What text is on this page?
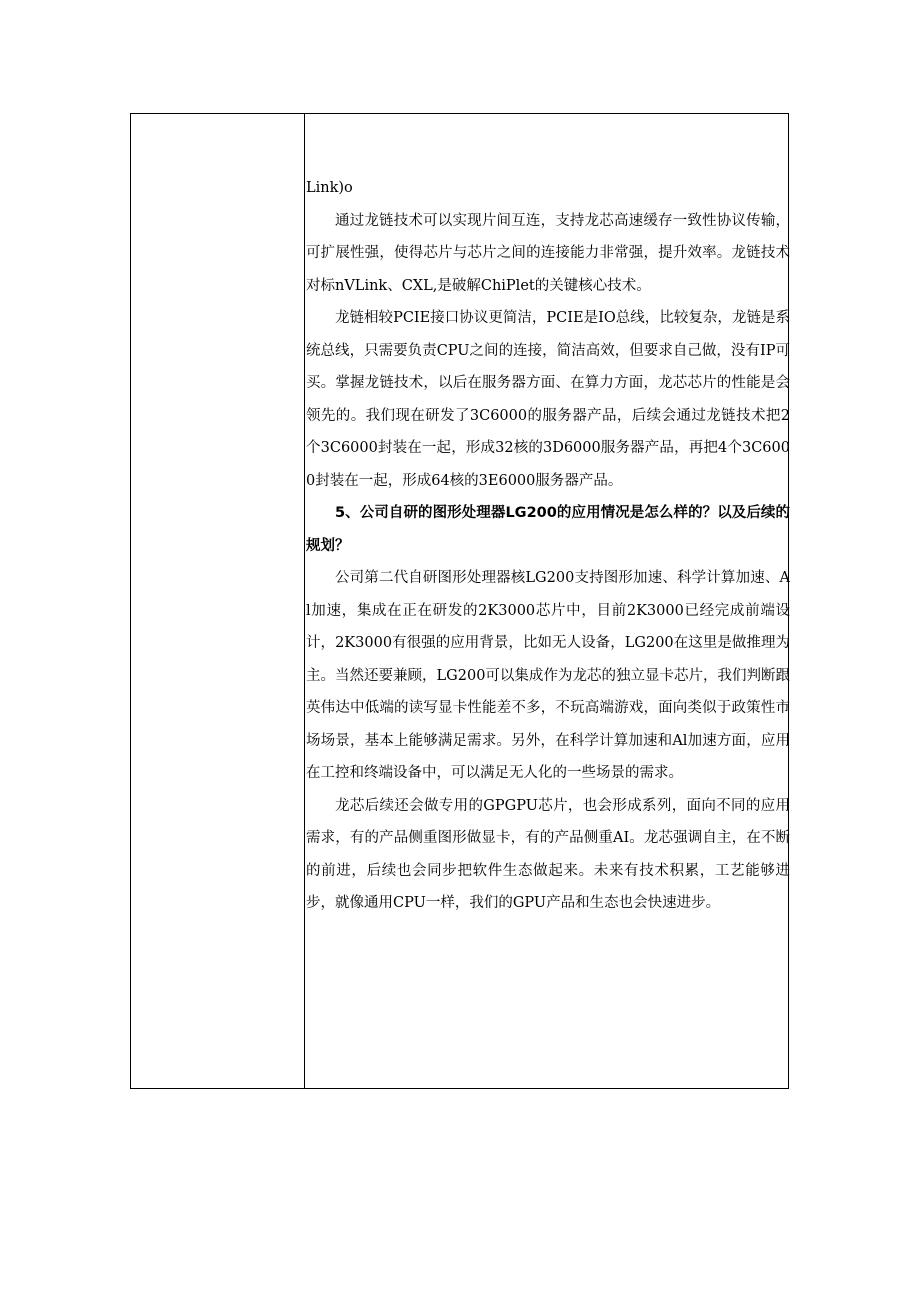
Link)o

通过龙链技术可以实现片间互连，支持龙芯高速缓存一致性协议传输，可扩展性强，使得芯片与芯片之间的连接能力非常强，提升效率。龙链技术对标nVLink、CXL,是破解ChiPlet的关键核心技术。

龙链相较PCIE接口协议更简洁，PCIE是IO总线，比较复杂，龙链是系统总线，只需要负责CPU之间的连接，简洁高效，但要求自己做，没有IP可买。掌握龙链技术，以后在服务器方面、在算力方面，龙芯芯片的性能是会领先的。我们现在研发了3C6000的服务器产品，后续会通过龙链技术把2个3C6000封装在一起，形成32核的3D6000服务器产品，再把4个3C6000封装在一起，形成64核的3E6000服务器产品。

5、公司自研的图形处理器LG200的应用情况是怎么样的？以及后续的规划？

公司第二代自研图形处理器核LG200支持图形加速、科学计算加速、Al加速，集成在正在研发的2K3000芯片中，目前2K3000已经完成前端设计，2K3000有很强的应用背景，比如无人设备，LG200在这里是做推理为主。当然还要兼顾，LG200可以集成作为龙芯的独立显卡芯片，我们判断跟英伟达中低端的读写显卡性能差不多，不玩高端游戏，面向类似于政策性市场场景，基本上能够满足需求。另外，在科学计算加速和Al加速方面，应用在工控和终端设备中，可以满足无人化的一些场景的需求。

龙芯后续还会做专用的GPGPU芯片，也会形成系列，面向不同的应用需求，有的产品侧重图形做显卡，有的产品侧重AI。龙芯强调自主，在不断的前进，后续也会同步把软件生态做起来。未来有技术积累，工艺能够进步，就像通用CPU一样，我们的GPU产品和生态也会快速进步。
